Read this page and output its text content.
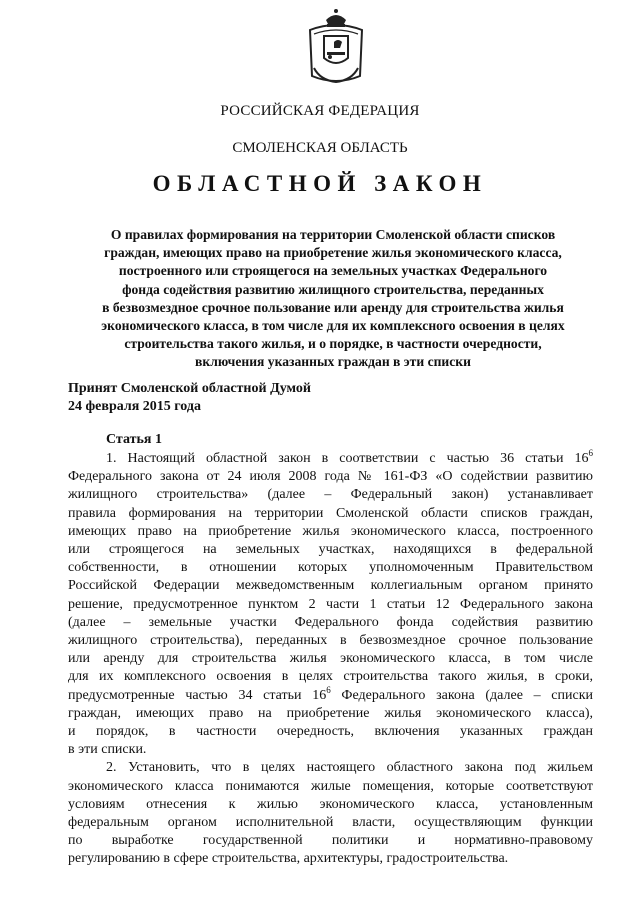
РОССИЙСКАЯ ФЕДЕРАЦИЯ
СМОЛЕНСКАЯ ОБЛАСТЬ
ОБЛАСТНОЙ ЗАКОН
О правилах формирования на территории Смоленской области списков
граждан, имеющих право на приобретение жилья экономического класса,
построенного или строящегося на земельных участках Федерального
фонда содействия развитию жилищного строительства, переданных
в безвозмездное срочное пользование или аренду для строительства жилья
экономического класса, в том числе для их комплексного освоения в целях
строительства такого жилья, и о порядке, в частности очередности,
включения указанных граждан в эти списки
Принят Смоленской областной Думой
24 февраля 2015 года
Статья 1
1. Настоящий областной закон в соответствии с частью 36 статьи $16^6$
Федерального закона от 24 июля 2008 года № 161-ФЗ «О содействии развитию
жилищного строительства» (далее – Федеральный закон) устанавливает
правила формирования на территории Смоленской области списков граждан,
имеющих право на приобретение жилья экономического класса, построенного
или строящегося на земельных участках, находящихся в федеральной
собственности, в отношении которых уполномоченным Правительством
Российской Федерации межведомственным коллегиальным органом принято
решение, предусмотренное пунктом 2 части 1 статьи 12 Федерального закона
(далее – земельные участки Федерального фонда содействия развитию
жилищного строительства), переданных в безвозмездное срочное пользование
или аренду для строительства жилья экономического класса, в том числе
для их комплексного освоения в целях строительства такого жилья, в сроки,
предусмотренные частью 34 статьи $16^6$ Федерального закона (далее – списки
граждан, имеющих право на приобретение жилья экономического класса),
и порядок, в частности очередность, включения указанных граждан
в эти списки.
2. Установить, что в целях настоящего областного закона под жильем
экономического класса понимаются жилые помещения, которые соответствуют
условиям отнесения к жилью экономического класса, установленным
федеральным органом исполнительной власти, осуществляющим функции
по выработке государственной политики и нормативно-правовому
регулированию в сфере строительства, архитектуры, градостроительства.
